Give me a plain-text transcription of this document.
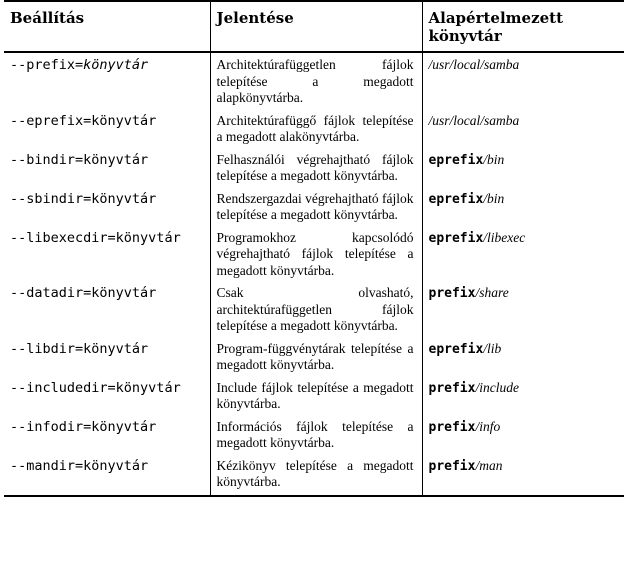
Beállítás	Jelentése	Alapértelmezett könyvtár
--prefix=könyvtár	Architektúrafüggetlen fájlok telepítése a megadott alapkönyvtárba.	/usr/local/samba
--eprefix=könyvtár	Architektúrafüggő fájlok telepítése a megadott alakönyvtárba.	/usr/local/samba
--bindir=könyvtár	Felhasználói végrehajtható fájlok telepítése a megadott könyvtárba.	eprefix/bin
--sbindir=könyvtár	Rendszergazdai végrehajtható fájlok telepítése a megadott könyvtárba.	eprefix/bin
--libexecdir=könyvtár	Programokhoz kapcsolódó végrehajtható fájlok telepítése a megadott könyvtárba.	eprefix/libexec
--datadir=könyvtár	Csak olvasható, architektúrafüggetlen fájlok telepítése a megadott könyvtárba.	prefix/share
--libdir=könyvtár	Program-függvénytárak telepítése a megadott könyvtárba.	eprefix/lib
--includedir=könyvtár	Include fájlok telepítése a megadott könyvtárba.	prefix/include
--infodir=könyvtár	Információs fájlok telepítése a megadott könyvtárba.	prefix/info
--mandir=könyvtár	Kézikönyv telepítése a megadott könyvtárba.	prefix/man
